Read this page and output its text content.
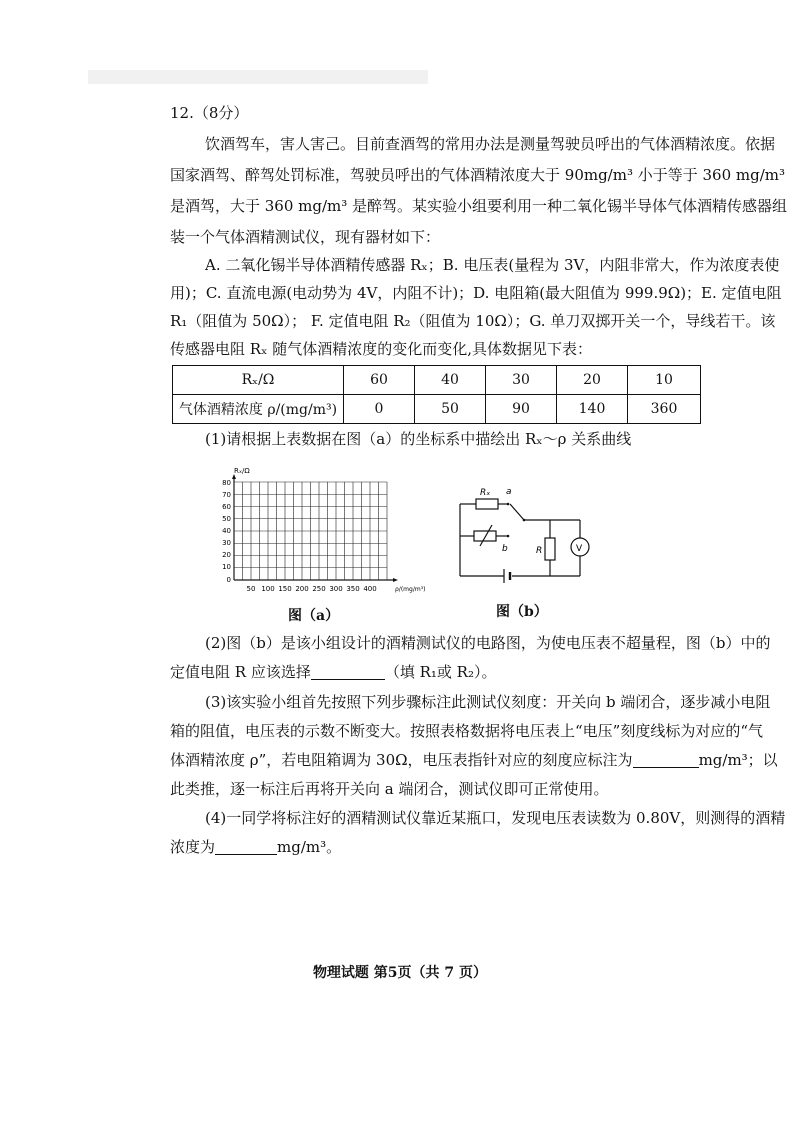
12.（8分）
饮酒驾车，害人害己。目前查酒驾的常用办法是测量驾驶员呼出的气体酒精浓度。依据
国家酒驾、醉驾处罚标准，驾驶员呼出的气体酒精浓度大于 90mg/m³ 小于等于 360 mg/m³
是酒驾，大于 360 mg/m³ 是醉驾。某实验小组要利用一种二氧化锡半导体气体酒精传感器组
装一个气体酒精测试仪，现有器材如下：
A. 二氧化锡半导体酒精传感器 Rₓ；B. 电压表(量程为 3V，内阻非常大，作为浓度表使
用)；C. 直流电源(电动势为 4V，内阻不计)；D. 电阻箱(最大阻值为 999.9Ω)；E. 定值电阻
R₁（阻值为 50Ω）； F. 定值电阻 R₂（阻值为 10Ω）；G. 单刀双掷开关一个，导线若干。该
传感器电阻 Rₓ 随气体酒精浓度的变化而变化,具体数据见下表：
Rₓ/Ω	60	40	30	20	10
气体酒精浓度 ρ/(mg/m³)	0	50	90	140	360
(1)请根据上表数据在图（a）的坐标系中描绘出 Rₓ～ρ 关系曲线
Rₓ/Ω
80
70
60
50
40
30
20
10
0
50 100 150 200 250 300 350 400	ρ/(mg/m³)
图（a）
Rₓ a
b	R	V
图（b）
(2)图（b）是该小组设计的酒精测试仪的电路图，为使电压表不超量程，图（b）中的
定值电阻 R 应该选择	（填 R₁或 R₂）。
(3)该实验小组首先按照下列步骤标注此测试仪刻度：开关向 b 端闭合，逐步减小电阻
箱的阻值，电压表的示数不断变大。按照表格数据将电压表上“电压”刻度线标为对应的“气
体酒精浓度 ρ”，若电阻箱调为 30Ω，电压表指针对应的刻度应标注为	mg/m³；以
此类推，逐一标注后再将开关向 a 端闭合，测试仪即可正常使用。
(4)一同学将标注好的酒精测试仪靠近某瓶口，发现电压表读数为 0.80V，则测得的酒精
浓度为	mg/m³。
物理试题 第5页（共 7 页）
